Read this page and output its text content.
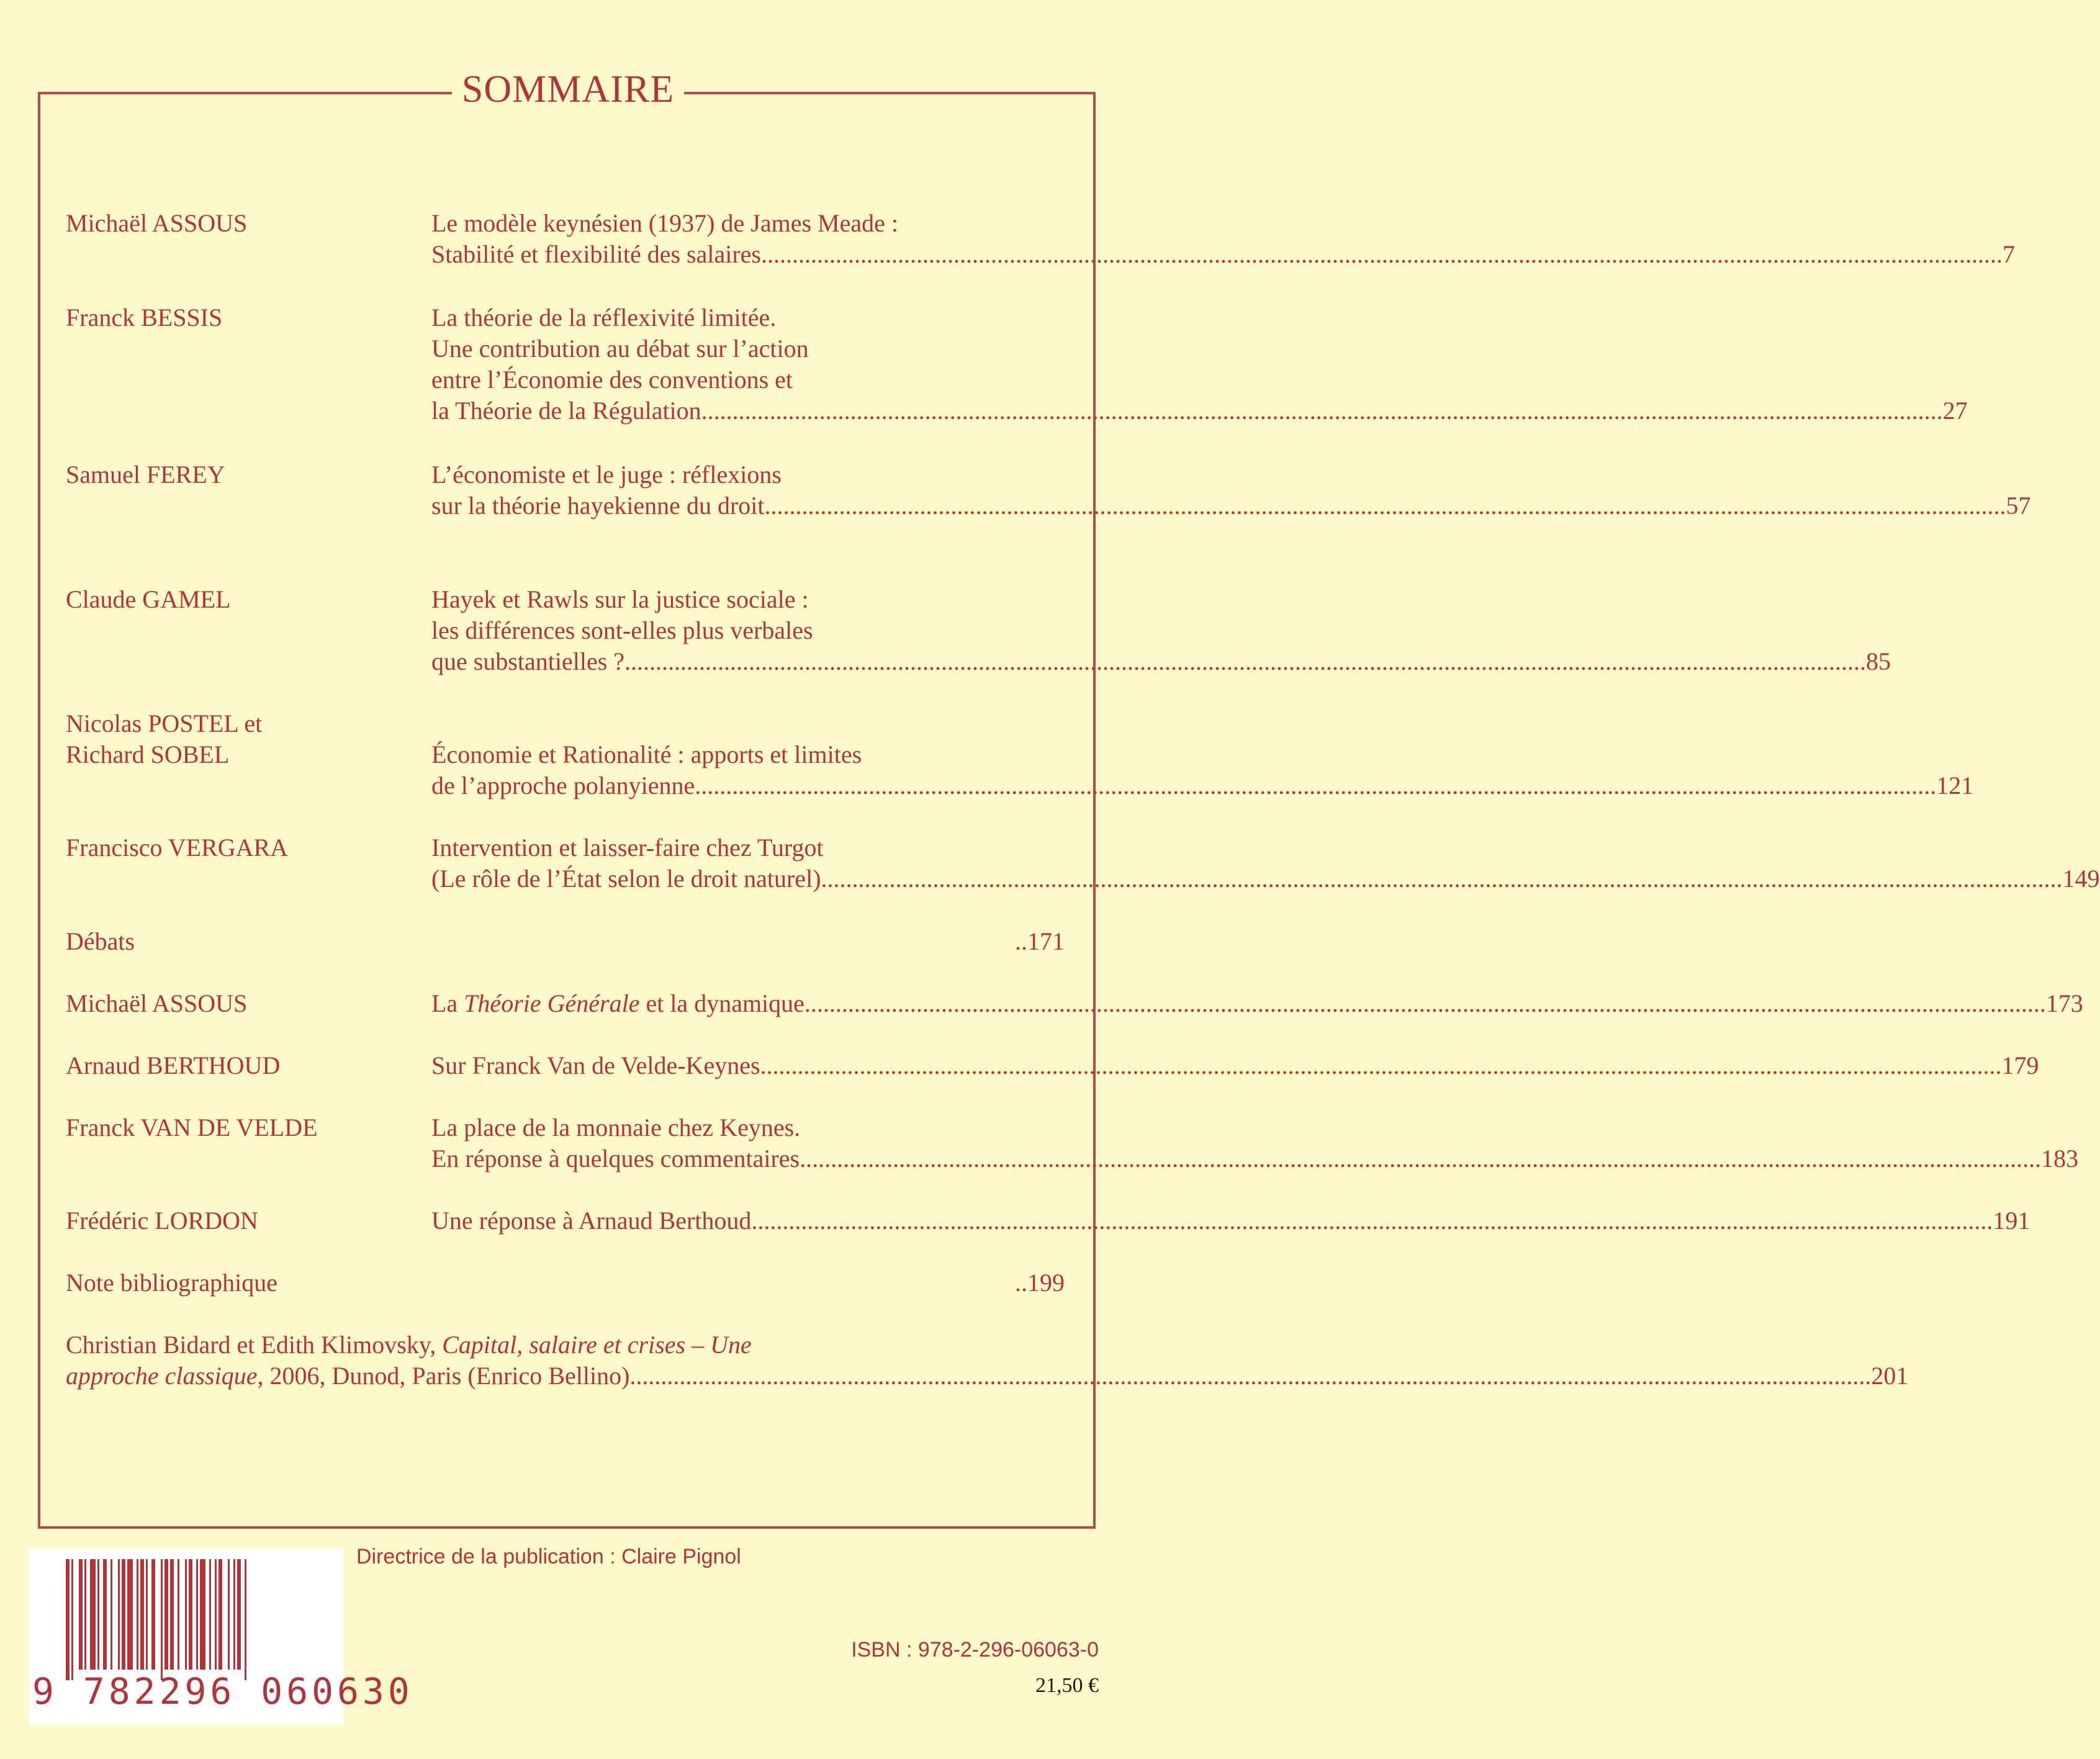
SOMMAIRE
Michaël ASSOUS	Le modèle keynésien (1937) de James Meade :
Stabilité et flexibilité des salaires ........................................................................................................................................................................................................ 7
Franck BESSIS	La théorie de la réflexivité limitée.
Une contribution au débat sur l’action
entre l’Économie des conventions et
la Théorie de la Régulation ........................................................................................................................................................................................................ 27
Samuel FEREY	L’économiste et le juge : réflexions
sur la théorie hayekienne du droit ........................................................................................................................................................................................................ 57
Claude GAMEL	Hayek et Rawls sur la justice sociale :
les différences sont-elles plus verbales
que substantielles ? ........................................................................................................................................................................................................ 85
Nicolas POSTEL et
Richard SOBEL	Économie et Rationalité : apports et limites
de l’approche polanyienne ........................................................................................................................................................................................................ 121
Francisco VERGARA	Intervention et laisser-faire chez Turgot
(Le rôle de l’État selon le droit naturel) ........................................................................................................................................................................................................ 149
Débats	.. 171
Michaël ASSOUS	La Théorie Générale et la dynamique ........................................................................................................................................................................................................ 173
Arnaud BERTHOUD	Sur Franck Van de Velde-Keynes ........................................................................................................................................................................................................ 179
Franck VAN DE VELDE	La place de la monnaie chez Keynes.
En réponse à quelques commentaires ........................................................................................................................................................................................................ 183
Frédéric LORDON	Une réponse à Arnaud Berthoud ........................................................................................................................................................................................................ 191
Note bibliographique	.. 199
Christian Bidard et Edith Klimovsky, Capital, salaire et crises – Une
approche classique, 2006, Dunod, Paris (Enrico Bellino) ........................................................................................................................................................................................................ 201
Directrice de la publication : Claire Pignol
9 782296 060630
ISBN : 978-2-296-06063-0
21,50 €
